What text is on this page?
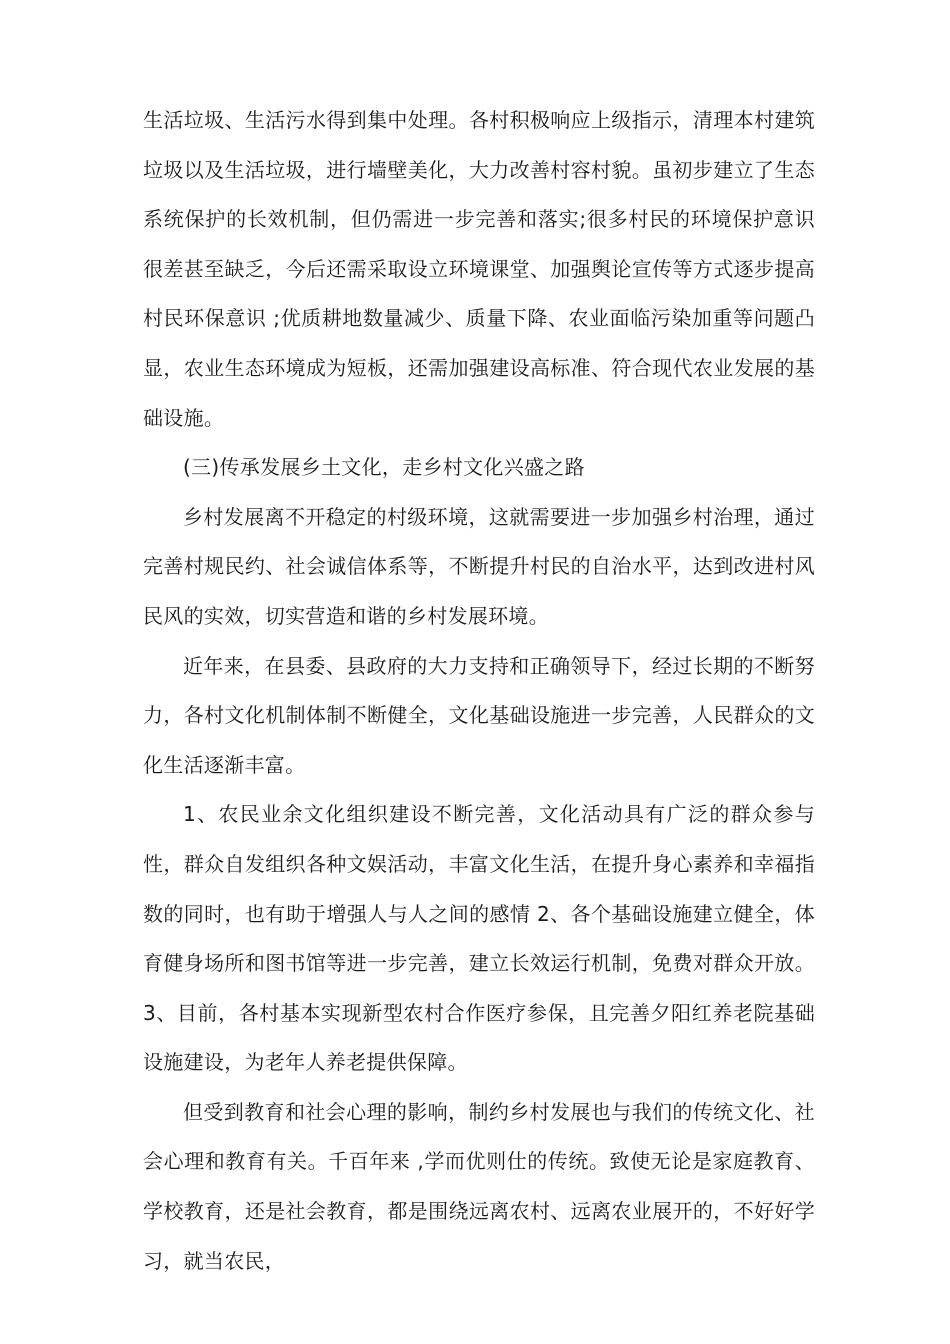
生活垃圾、生活污水得到集中处理。各村积极响应上级指示，清理本村建筑垃圾以及生活垃圾，进行墙壁美化，大力改善村容村貌。虽初步建立了生态系统保护的长效机制，但仍需进一步完善和落实;很多村民的环境保护意识很差甚至缺乏，今后还需采取设立环境课堂、加强舆论宣传等方式逐步提高村民环保意识 ;优质耕地数量减少、质量下降、农业面临污染加重等问题凸显，农业生态环境成为短板，还需加强建设高标准、符合现代农业发展的基础设施。

(三)传承发展乡土文化，走乡村文化兴盛之路

乡村发展离不开稳定的村级环境，这就需要进一步加强乡村治理，通过完善村规民约、社会诚信体系等，不断提升村民的自治水平，达到改进村风民风的实效，切实营造和谐的乡村发展环境。

近年来，在县委、县政府的大力支持和正确领导下，经过长期的不断努力，各村文化机制体制不断健全，文化基础设施进一步完善，人民群众的文化生活逐渐丰富。

1、农民业余文化组织建设不断完善，文化活动具有广泛的群众参与性，群众自发组织各种文娱活动，丰富文化生活，在提升身心素养和幸福指数的同时，也有助于增强人与人之间的感情 2、各个基础设施建立健全，体育健身场所和图书馆等进一步完善，建立长效运行机制，免费对群众开放。3、目前，各村基本实现新型农村合作医疗参保，且完善夕阳红养老院基础设施建设，为老年人养老提供保障。

但受到教育和社会心理的影响，制约乡村发展也与我们的传统文化、社会心理和教育有关。千百年来 ,学而优则仕的传统。致使无论是家庭教育、学校教育，还是社会教育，都是围绕远离农村、远离农业展开的，不好好学习，就当农民，
